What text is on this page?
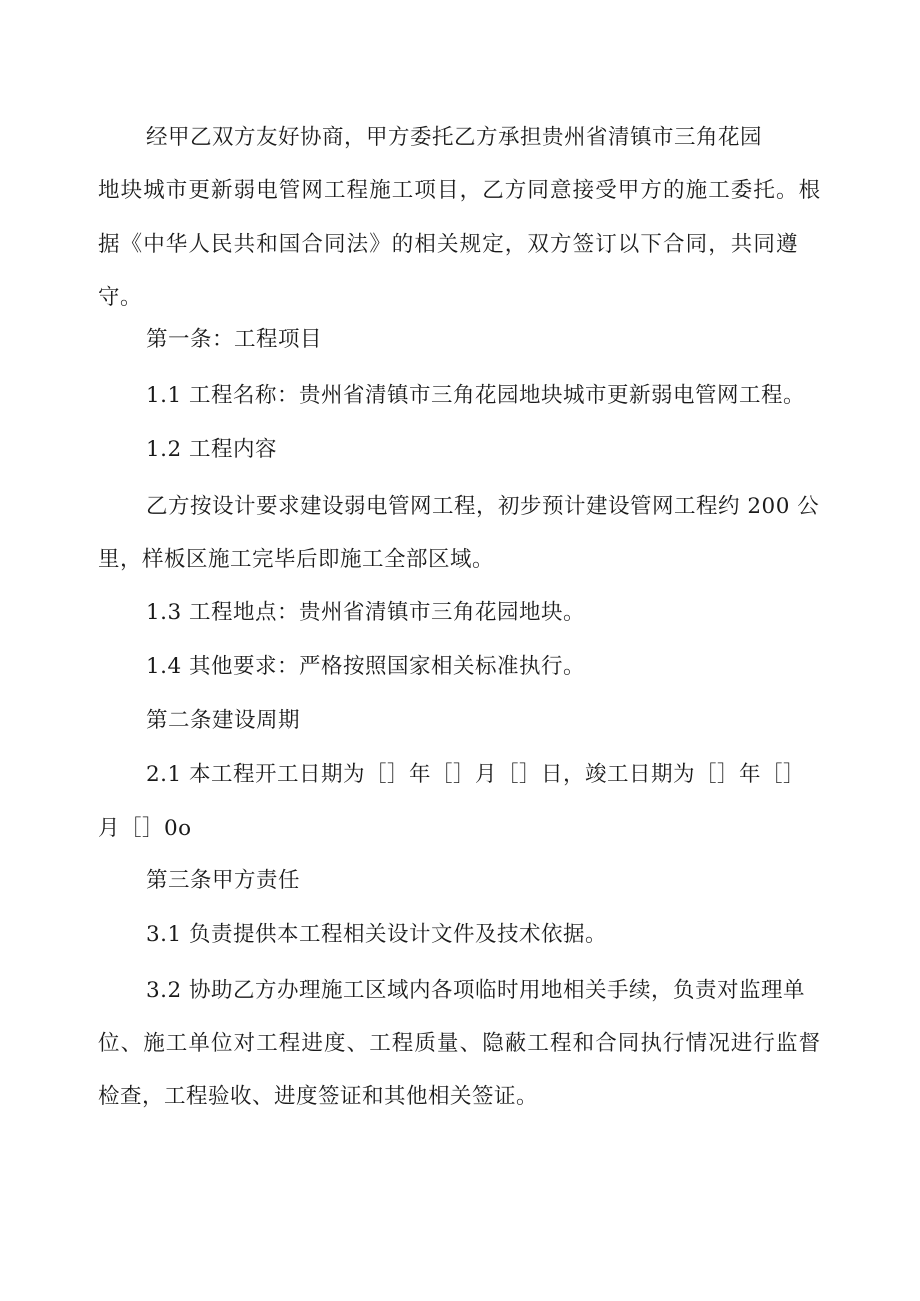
经甲乙双方友好协商，甲方委托乙方承担贵州省清镇市三角花园
地块城市更新弱电管网工程施工项目，乙方同意接受甲方的施工委托。根
据《中华人民共和国合同法》的相关规定，双方签订以下合同，共同遵
守。
第一条：工程项目
1.1 工程名称：贵州省清镇市三角花园地块城市更新弱电管网工程。
1.2 工程内容
乙方按设计要求建设弱电管网工程，初步预计建设管网工程约 200 公
里，样板区施工完毕后即施工全部区域。
1.3 工程地点：贵州省清镇市三角花园地块。
1.4 其他要求：严格按照国家相关标准执行。
第二条建设周期
2.1 本工程开工日期为［］年［］月［］日，竣工日期为［］年［］
月［］0o
第三条甲方责任
3.1 负责提供本工程相关设计文件及技术依据。
3.2 协助乙方办理施工区域内各项临时用地相关手续，负责对监理单
位、施工单位对工程进度、工程质量、隐蔽工程和合同执行情况进行监督
检查，工程验收、进度签证和其他相关签证。
